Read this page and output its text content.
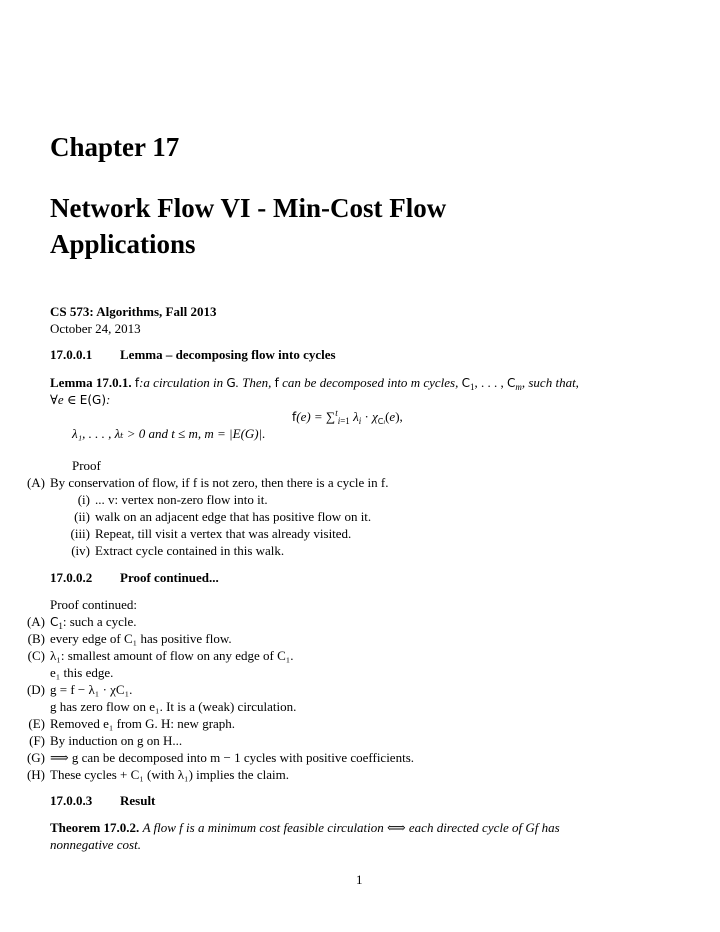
Chapter 17
Network Flow VI - Min-Cost Flow
Applications
CS 573: Algorithms, Fall 2013
October 24, 2013
17.0.0.1 Lemma – decomposing flow into cycles
Lemma 17.0.1. f:a circulation in G. Then, f can be decomposed into m cycles, $C_1$, . . . , $C_m$, such that,
∀e ∈ E(G):
f(e) = ∑$^t_{i=1}$ $\lambda_i \cdot \chi_{Ci}(e)$,
λ₁, . . . , λₜ > 0 and t ≤ m, m = |E(G)|.
Proof
(A) By conservation of flow, if f is not zero, then there is a cycle in f.
(i) ... v: vertex non-zero flow into it.
(ii) walk on an adjacent edge that has positive flow on it.
(iii) Repeat, till visit a vertex that was already visited.
(iv) Extract cycle contained in this walk.
17.0.0.2 Proof continued...
Proof continued:
(A) $C_1$: such a cycle.
(B) every edge of C₁ has positive flow.
(C) λ₁: smallest amount of flow on any edge of C₁.
e₁ this edge.
(D) g = f − λ₁ · χC₁.
g has zero flow on e₁. It is a (weak) circulation.
(E) Removed e₁ from G. H: new graph.
(F) By induction on g on H...
(G) ⟹ g can be decomposed into m − 1 cycles with positive coefficients.
(H) These cycles + C₁ (with λ₁) implies the claim.
17.0.0.3 Result
Theorem 17.0.2. A flow f is a minimum cost feasible circulation ⟺ each directed cycle of Gf has
nonnegative cost.
1
